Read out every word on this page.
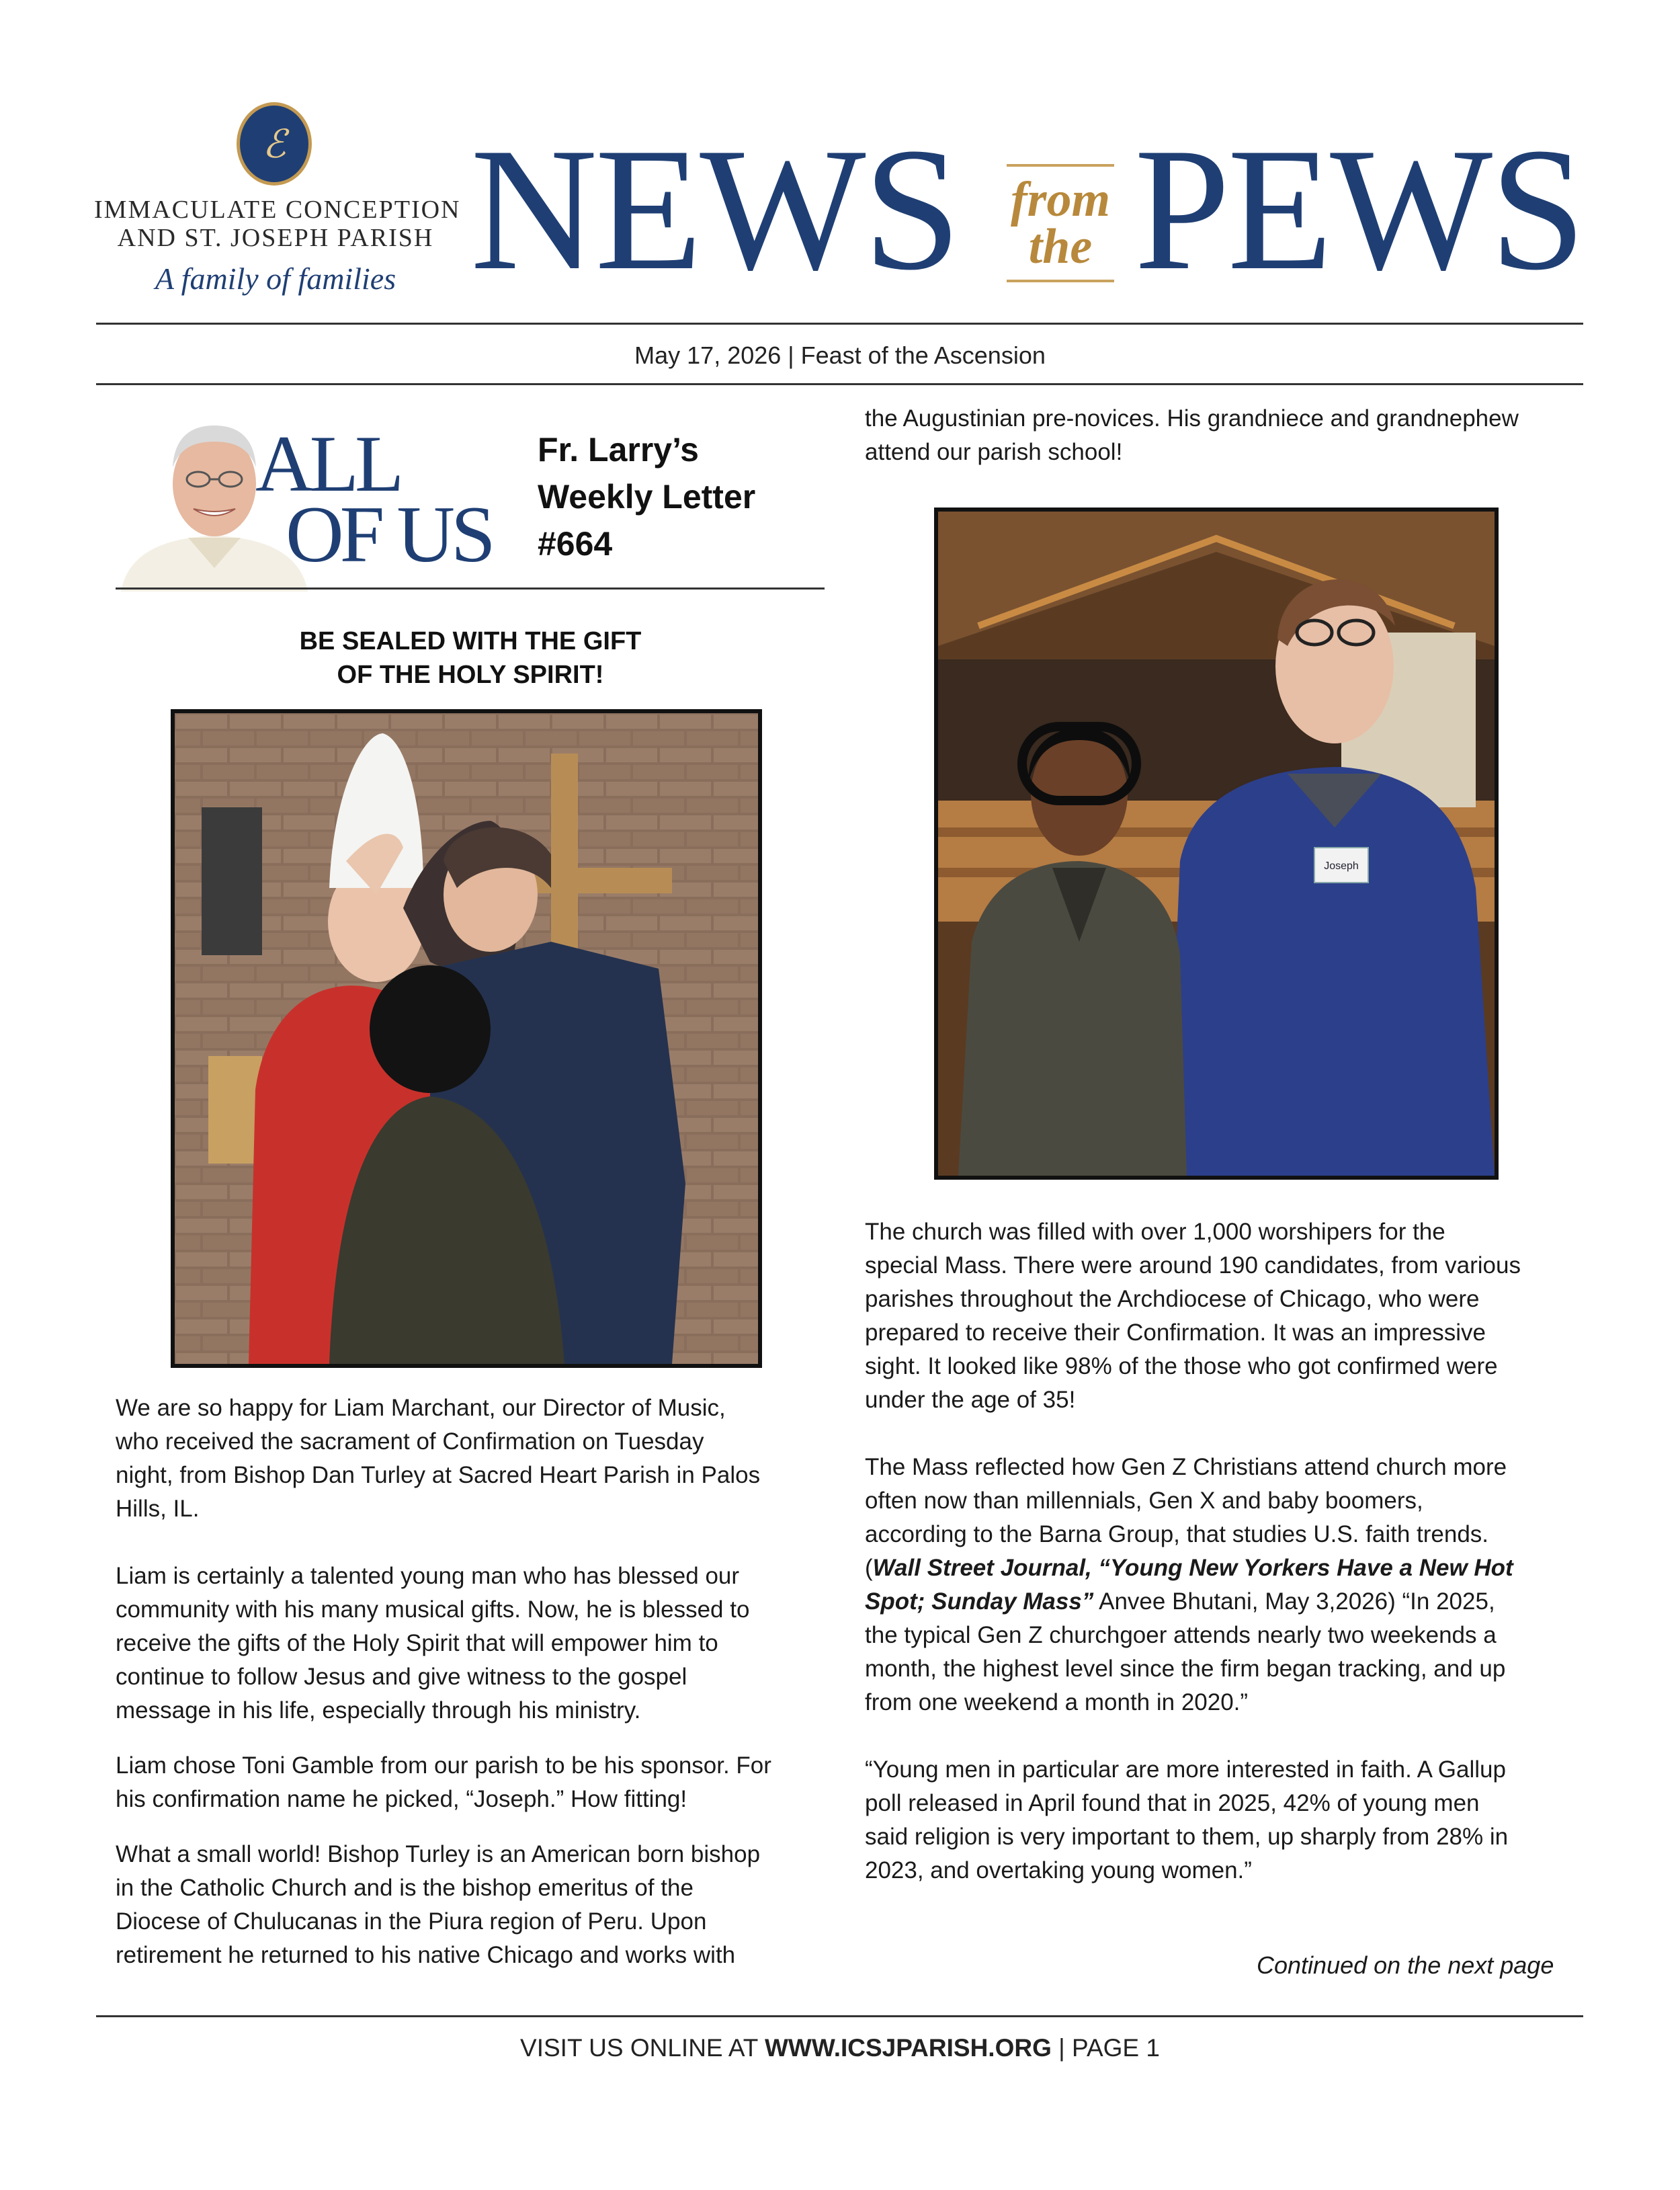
ℰ
IMMACULATE CONCEPTION
AND ST. JOSEPH PARISH
A family of families NEWS	from
the PEWS
May 17, 2026 | Feast of the Ascension
ALL
OF US
Fr. Larry’s
Weekly Letter
#664
BE SEALED WITH THE GIFT
OF THE HOLY SPIRIT!
We are so happy for Liam Marchant, our Director of Music,
who received the sacrament of Confirmation on Tuesday
night, from Bishop Dan Turley at Sacred Heart Parish in Palos
Hills, IL.
Liam is certainly a talented young man who has blessed our
community with his many musical gifts. Now, he is blessed to
receive the gifts of the Holy Spirit that will empower him to
continue to follow Jesus and give witness to the gospel
message in his life, especially through his ministry.
Liam chose Toni Gamble from our parish to be his sponsor. For
his confirmation name he picked, “Joseph.” How fitting!
What a small world! Bishop Turley is an American born bishop
in the Catholic Church and is the bishop emeritus of the
Diocese of Chulucanas in the Piura region of Peru. Upon
retirement he returned to his native Chicago and works with
the Augustinian pre-novices. His grandniece and grandnephew
attend our parish school!
Joseph
The church was filled with over 1,000 worshipers for the
special Mass. There were around 190 candidates, from various
parishes throughout the Archdiocese of Chicago, who were
prepared to receive their Confirmation. It was an impressive
sight. It looked like 98% of the those who got confirmed were
under the age of 35!
The Mass reflected how Gen Z Christians attend church more
often now than millennials, Gen X and baby boomers,
according to the Barna Group, that studies U.S. faith trends.
(Wall Street Journal, “Young New Yorkers Have a New Hot
Spot; Sunday Mass” Anvee Bhutani, May 3,2026) “In 2025,
the typical Gen Z churchgoer attends nearly two weekends a
month, the highest level since the firm began tracking, and up
from one weekend a month in 2020.”
“Young men in particular are more interested in faith. A Gallup
poll released in April found that in 2025, 42% of young men
said religion is very important to them, up sharply from 28% in
2023, and overtaking young women.”
Continued on the next page
VISIT US ONLINE AT WWW.ICSJPARISH.ORG | PAGE 1
